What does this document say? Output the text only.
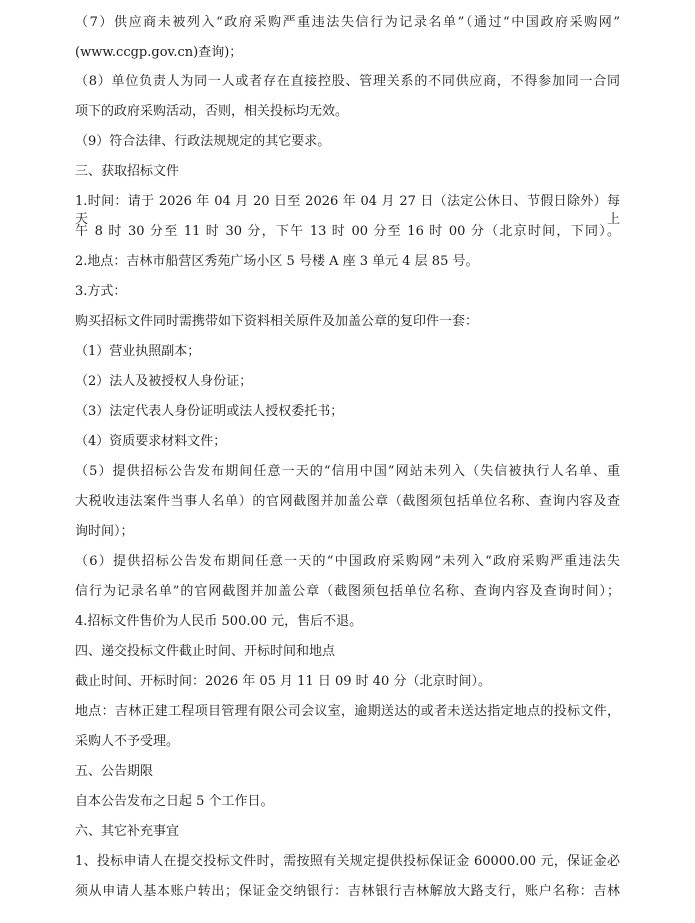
（7）供应商未被列入“政府采购严重违法失信行为记录名单”（通过“中国政府采购网”
(www.ccgp.gov.cn)查询)；
（8）单位负责人为同一人或者存在直接控股、管理关系的不同供应商，不得参加同一合同
项下的政府采购活动，否则，相关投标均无效。
（9）符合法律、行政法规规定的其它要求。
三、获取招标文件
1.时间：请于 2026 年 04 月 20 日至 2026 年 04 月 27 日（法定公休日、节假日除外）每天上
午 8 时 30 分至 11 时 30 分，下午 13 时 00 分至 16 时 00 分（北京时间，下同）。
2.地点：吉林市船营区秀苑广场小区 5 号楼 A 座 3 单元 4 层 85 号。
3.方式：
购买招标文件同时需携带如下资料相关原件及加盖公章的复印件一套：
（1）营业执照副本；
（2）法人及被授权人身份证；
（3）法定代表人身份证明或法人授权委托书；
（4）资质要求材料文件；
（5）提供招标公告发布期间任意一天的“信用中国”网站未列入（失信被执行人名单、重
大税收违法案件当事人名单）的官网截图并加盖公章（截图须包括单位名称、查询内容及查
询时间）；
（6）提供招标公告发布期间任意一天的“中国政府采购网”未列入“政府采购严重违法失
信行为记录名单”的官网截图并加盖公章（截图须包括单位名称、查询内容及查询时间）；
4.招标文件售价为人民币 500.00 元，售后不退。
四、递交投标文件截止时间、开标时间和地点
截止时间、开标时间：2026 年 05 月 11 日 09 时 40 分（北京时间）。
地点：吉林正建工程项目管理有限公司会议室，逾期送达的或者未送达指定地点的投标文件，
采购人不予受理。
五、公告期限
自本公告发布之日起 5 个工作日。
六、其它补充事宜
1、投标申请人在提交投标文件时，需按照有关规定提供投标保证金 60000.00 元，保证金必
须从申请人基本账户转出；保证金交纳银行：吉林银行吉林解放大路支行，账户名称：吉林
